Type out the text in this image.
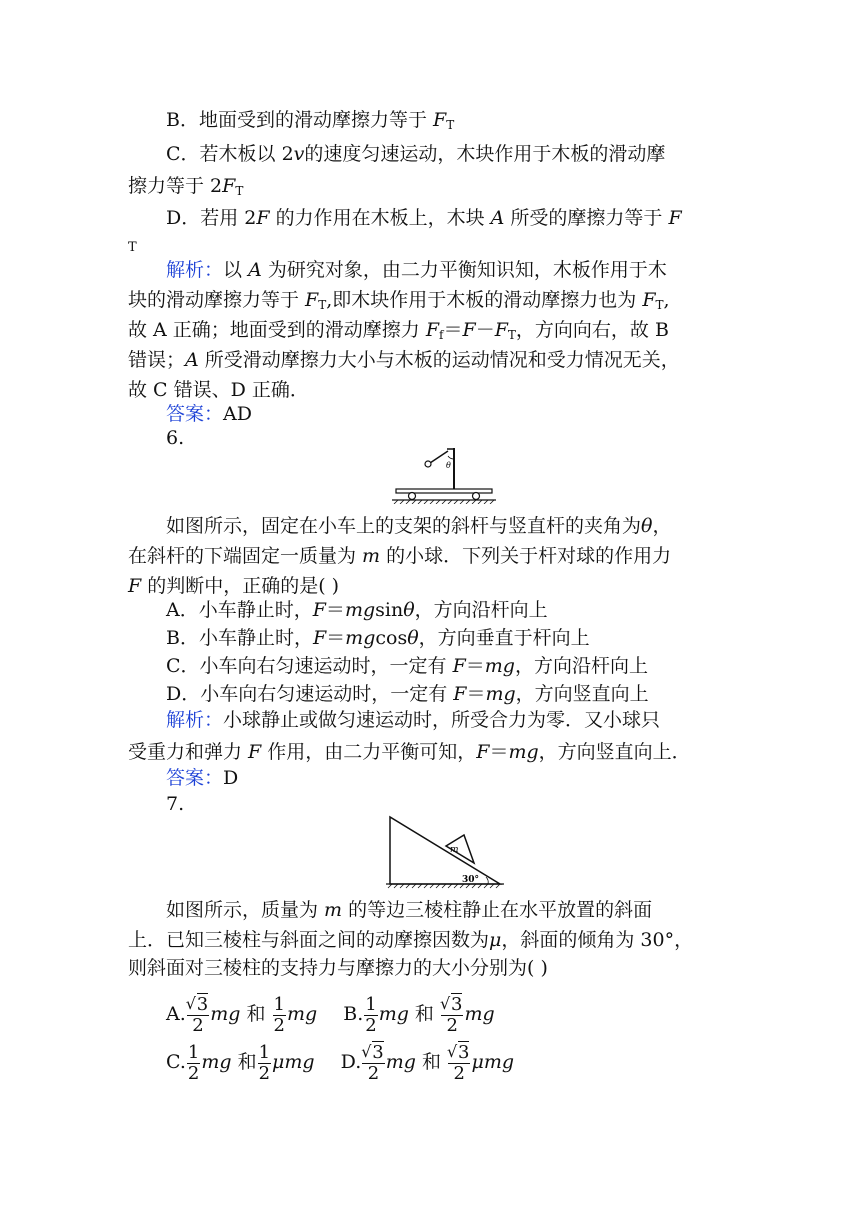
B．地面受到的滑动摩擦力等于 $F_T$
C．若木板以 2v的速度匀速运动，木块作用于木板的滑动摩
擦力等于 $2F_T$
D．若用 2F 的力作用在木板上，木块 A 所受的摩擦力等于 F
T
解析：以 A 为研究对象，由二力平衡知识知，木板作用于木
块的滑动摩擦力等于 $F_T$,即木块作用于木板的滑动摩擦力也为 $F_T$,
故 A 正确；地面受到的滑动摩擦力 $F_f=F-F_T$，方向向右，故 B
错误；A 所受滑动摩擦力大小与木板的运动情况和受力情况无关，
故 C 错误、D 正确．
答案：AD
6.
θ
如图所示，固定在小车上的支架的斜杆与竖直杆的夹角为θ，
在斜杆的下端固定一质量为 m 的小球．下列关于杆对球的作用力
F 的判断中，正确的是( )
A．小车静止时，F＝mgsinθ，方向沿杆向上
B．小车静止时，F＝mgcosθ，方向垂直于杆向上
C．小车向右匀速运动时，一定有 F＝mg，方向沿杆向上
D．小车向右匀速运动时，一定有 F＝mg，方向竖直向上
解析：小球静止或做匀速运动时，所受合力为零．又小球只
受重力和弹力 F 作用，由二力平衡可知，F＝mg，方向竖直向上．
答案：D
7.
m
30°
如图所示，质量为 m 的等边三棱柱静止在水平放置的斜面
上．已知三棱柱与斜面之间的动摩擦因数为μ，斜面的倾角为 30°，
则斜面对三棱柱的支持力与摩擦力的大小分别为( )
A. √ $\frac{3}{2}$ mg 和 $\frac{1}{2}$ mg B. $\frac{1}{2}$ mg 和 √ $\frac{3}{2}$ mg
C. $\frac{1}{2}$ mg 和 $\frac{1}{2}$ μmg D. √ $\frac{3}{2}$ mg 和 √ $\frac{3}{2}$ μmg
